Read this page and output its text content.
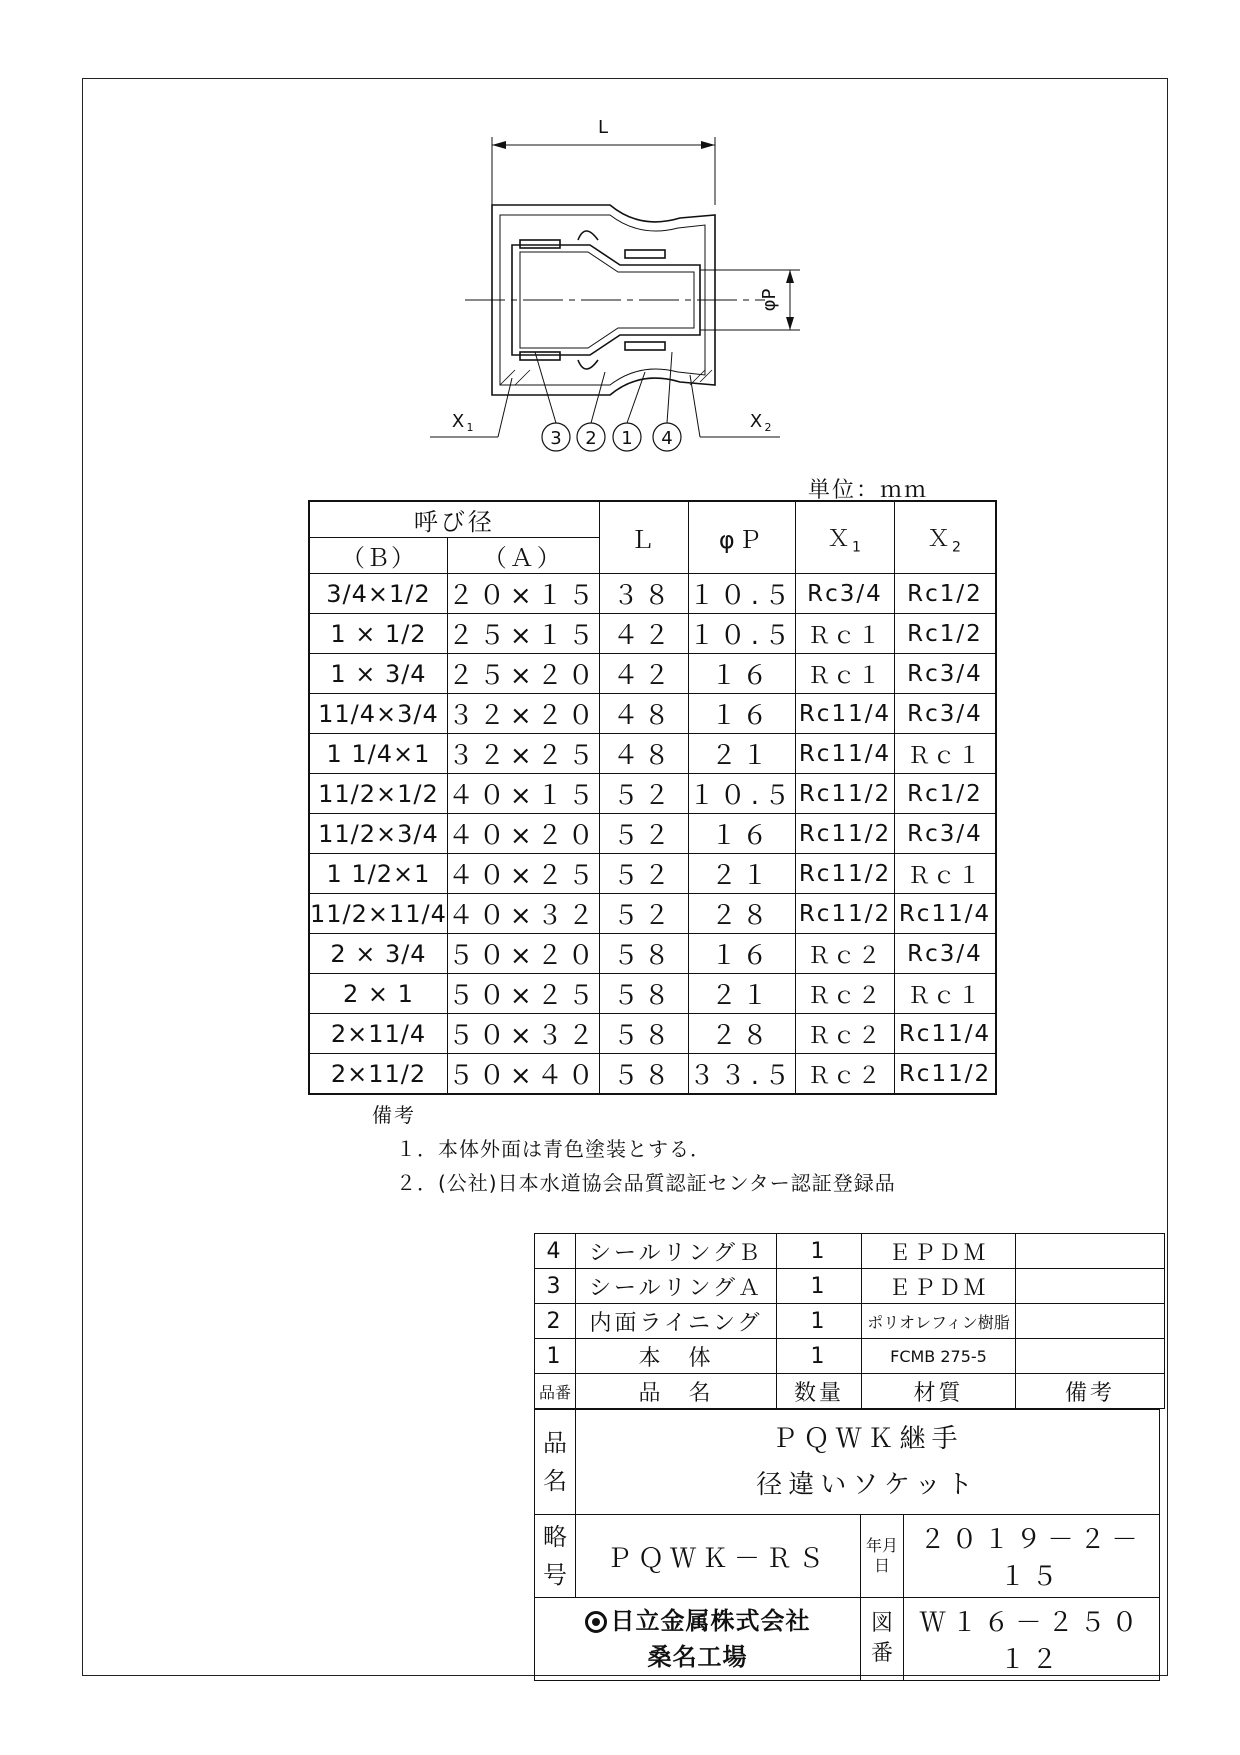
L
φP
X 1	X 2
3 2 1 4
単位：ｍｍ
呼び径		Ｌ	φＰ	Ｘ$_1$	Ｘ$_2$
（Ｂ）	（Ａ）				
3/4×1/2	２０×１５	３８	１０.５	Rc3/4	Rc1/2
1 × 1/2	２５×１５	４２	１０.５	Ｒｃ１	Rc1/2
1 × 3/4	２５×２０	４２	１６	Ｒｃ１	Rc3/4
11/4×3/4	３２×２０	４８	１６	Rc11/4	Rc3/4
1 1/4×1	３２×２５	４８	２１	Rc11/4	Ｒｃ１
11/2×1/2	４０×１５	５２	１０.５	Rc11/2	Rc1/2
11/2×3/4	４０×２０	５２	１６	Rc11/2	Rc3/4
1 1/2×1	４０×２５	５２	２１	Rc11/2	Ｒｃ１
11/2×11/4	４０×３２	５２	２８	Rc11/2	Rc11/4
2 × 3/4	５０×２０	５８	１６	Ｒｃ２	Rc3/4
2 × 1	５０×２５	５８	２１	Ｒｃ２	Ｒｃ１
2×11/4	５０×３２	５８	２８	Ｒｃ２	Rc11/4
2×11/2	５０×４０	５８	３３.５	Ｒｃ２	Rc11/2
備考
１．本体外面は青色塗装とする．
２．(公社)日本水道協会品質認証センター認証登録品
4	シールリングＢ	1	ＥＰＤＭ	
3	シールリングＡ	1	ＥＰＤＭ	
2	内面ライニング	1	ポリオレフィン樹脂	
1	本　体	1	FCMB 275-5	
品番	品　名	数量	材質	備考
品名	ＰＱＷＫ継手
径違いソケット		

略号	ＰＱＷＫ－ＲＳ	年月日	２０１９－２－１５

日立金属株式会社
桑名工場		図番	Ｗ１６－２５０１２
